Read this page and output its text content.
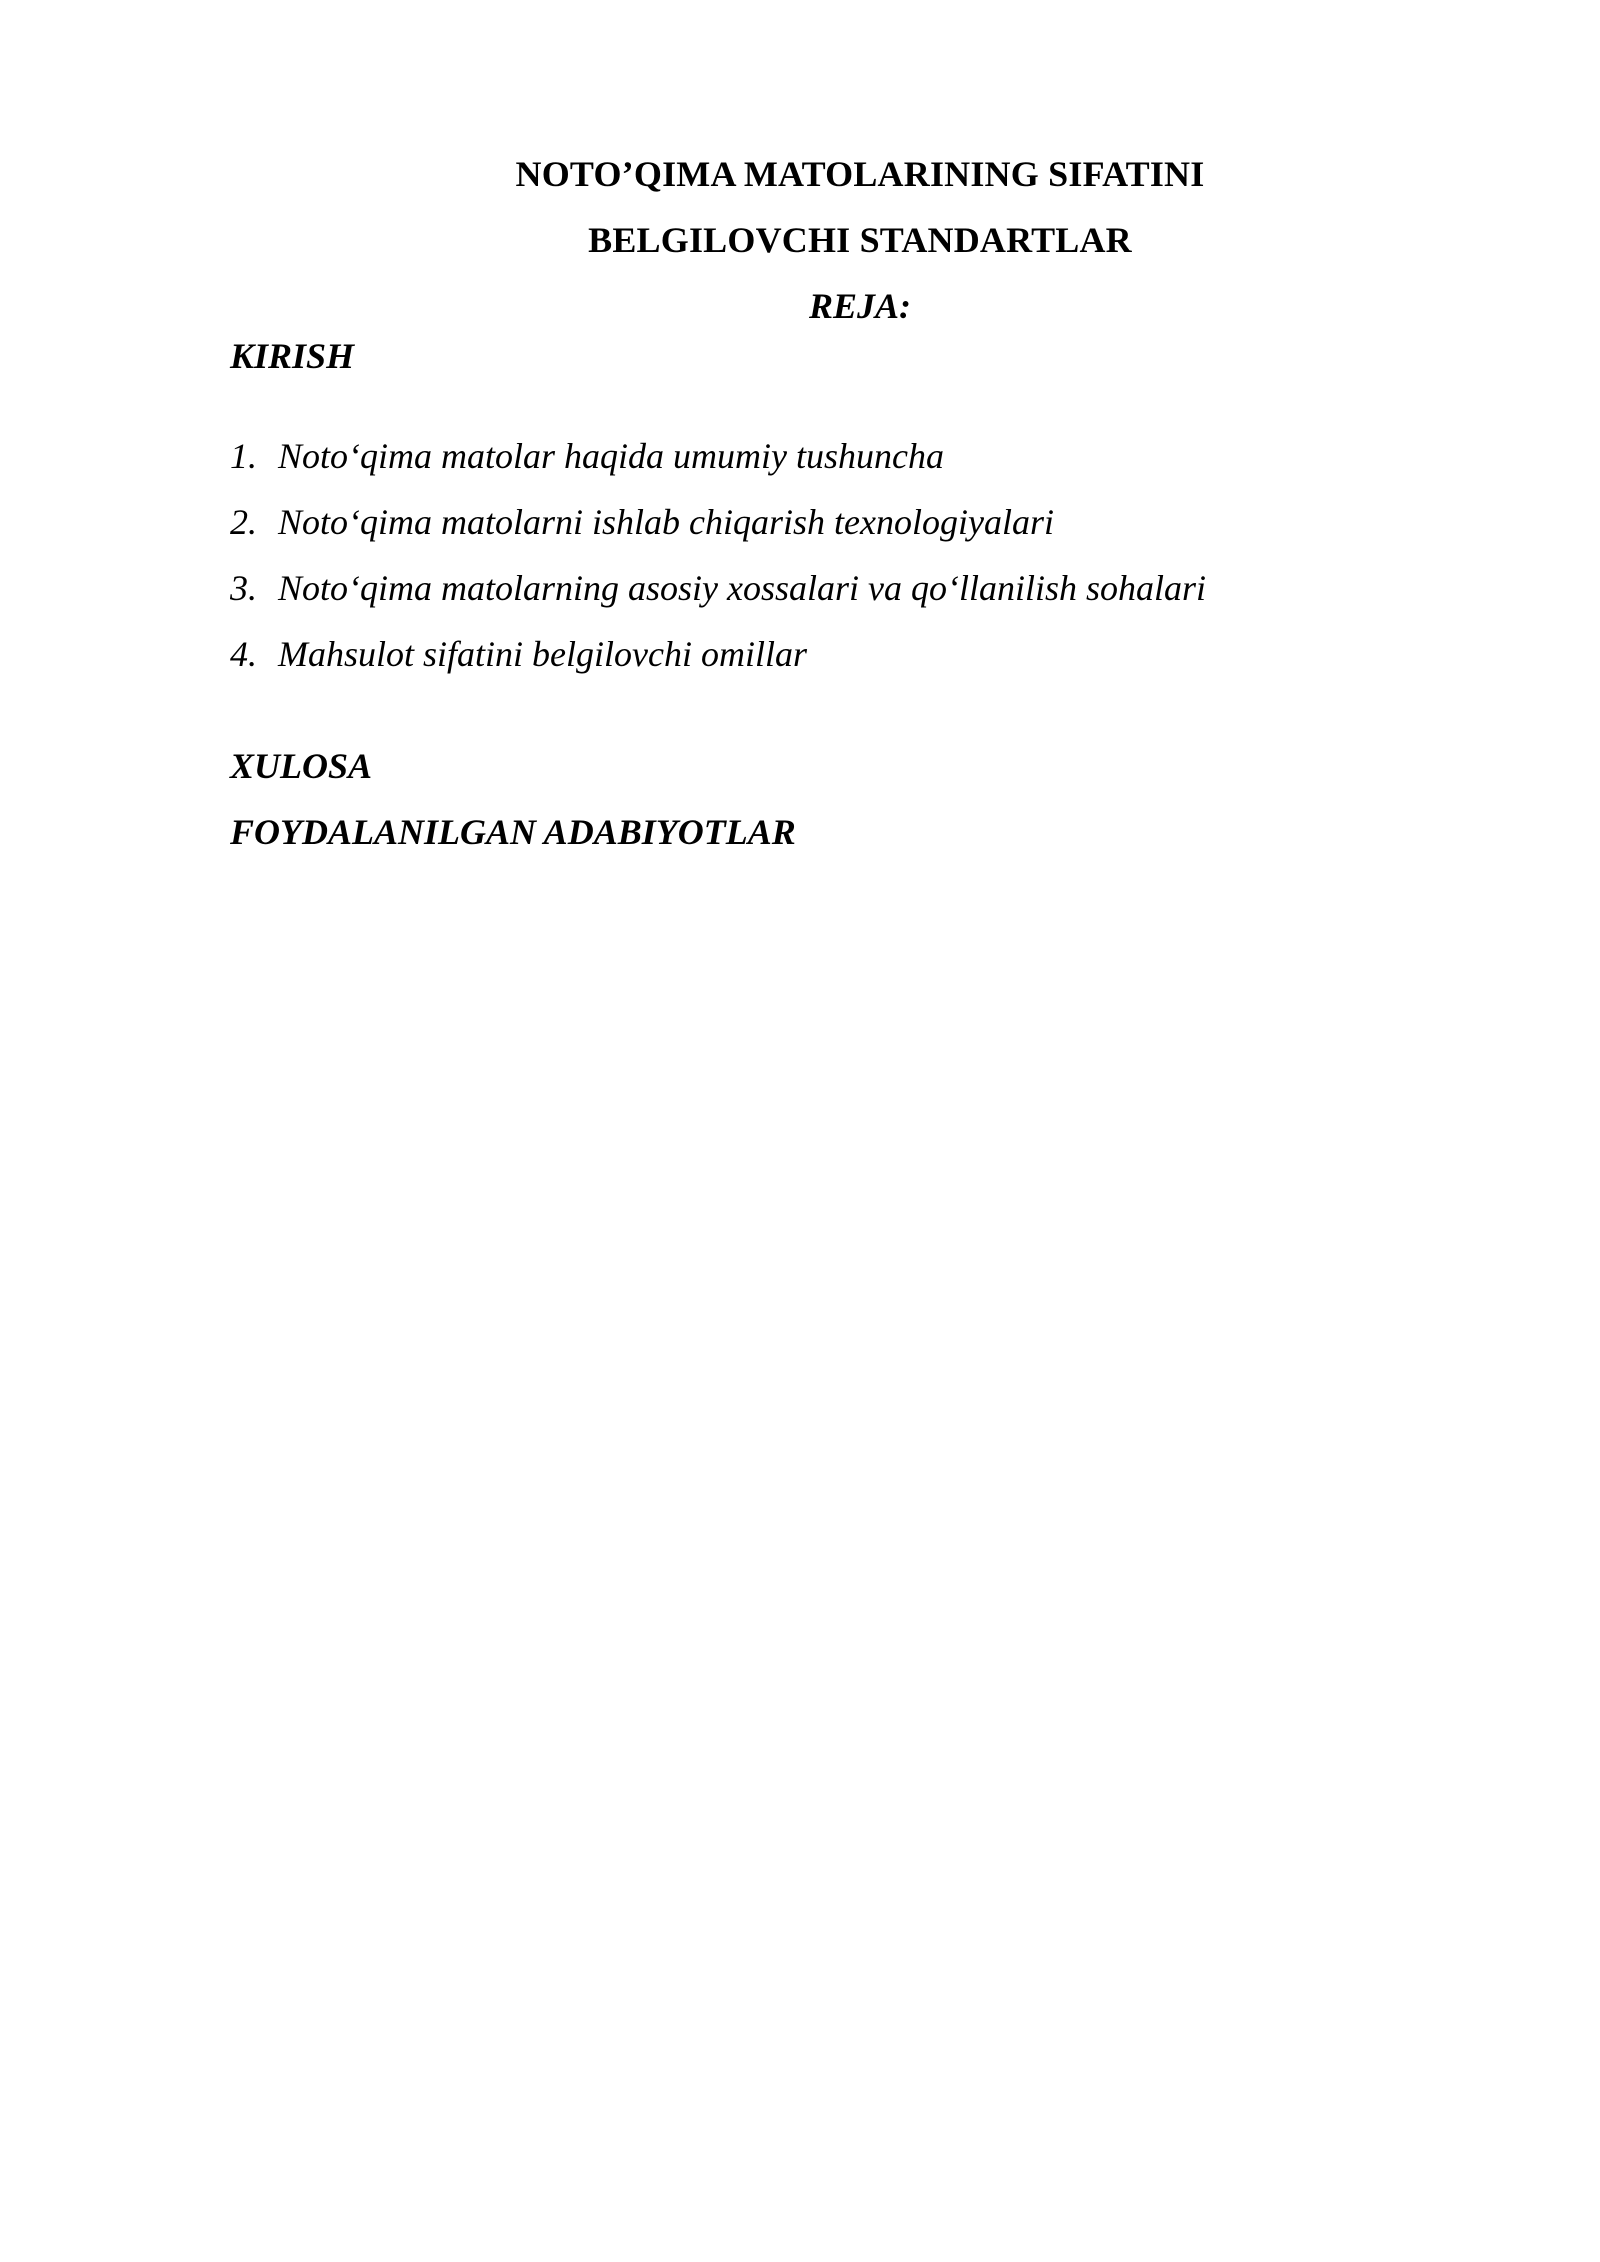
NOTO’QIMA MATOLARINING SIFATINI
BELGILOVCHI STANDARTLAR
REJA:
KIRISH
1. Noto‘qima matolar haqida umumiy tushuncha
2. Noto‘qima matolarni ishlab chiqarish texnologiyalari
3. Noto‘qima matolarning asosiy xossalari va qo‘llanilish sohalari
4. Mahsulot sifatini belgilovchi omillar
XULOSA
FOYDALANILGAN ADABIYOTLAR
